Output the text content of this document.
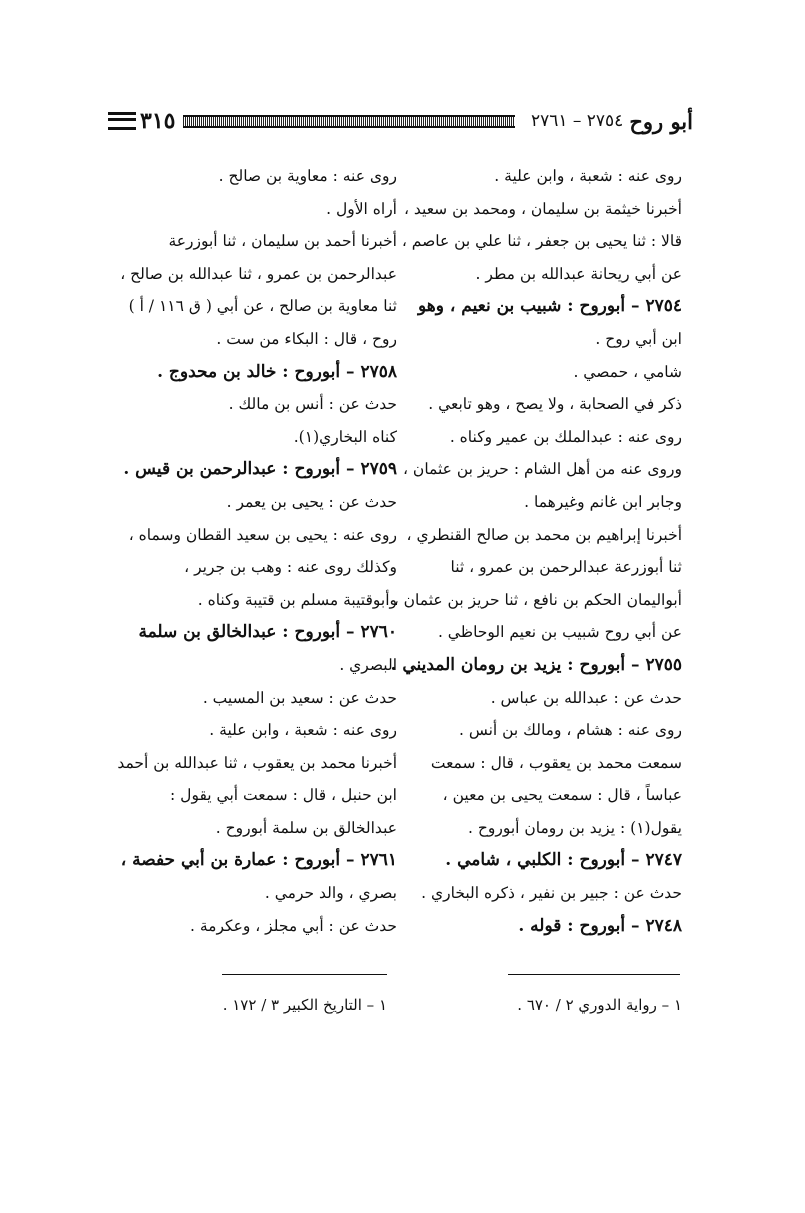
أبو روح
٢٧٥٤ – ٢٧٦١
٣١٥
روى عنه : شعبة ، وابن علية .
أخبرنا خيثمة بن سليمان ، ومحمد بن سعيد ،
قالا : ثنا يحيى بن جعفر ، ثنا علي بن عاصم ،
عن أبي ريحانة عبدالله بن مطر .
٢٧٥٤ – أبوروح : شبيب بن نعيم ، وهو
ابن أبي روح .
شامي ، حمصي .
ذكر في الصحابة ، ولا يصح ، وهو تابعي .
روى عنه : عبدالملك بن عمير وكناه .
وروى عنه من أهل الشام : حريز بن عثمان ،
وجابر ابن غانم وغيرهما .
أخبرنا إبراهيم بن محمد بن صالح القنطري ،
ثنا أبوزرعة عبدالرحمن بن عمرو ، ثنا
أبواليمان الحكم بن نافع ، ثنا حريز بن عثمان ،
عن أبي روح شبيب بن نعيم الوحاظي .
٢٧٥٥ – أبوروح : يزيد بن رومان المديني .
حدث عن : عبدالله بن عباس .
روى عنه : هشام ، ومالك بن أنس .
سمعت محمد بن يعقوب ، قال : سمعت
عباساً ، قال : سمعت يحيى بن معين ،
يقول(١) : يزيد بن رومان أبوروح .
٢٧٤٧ – أبوروح : الكلبي ، شامي .
حدث عن : جبير بن نفير ، ذكره البخاري .
٢٧٤٨ – أبوروح : قوله .
روى عنه : معاوية بن صالح .
أراه الأول .
أخبرنا أحمد بن سليمان ، ثنا أبوزرعة
عبدالرحمن بن عمرو ، ثنا عبدالله بن صالح ،
ثنا معاوية بن صالح ، عن أبي ( ق ١١٦ / أ )
روح ، قال : البكاء من ست .
٢٧٥٨ – أبوروح : خالد بن محدوج .
حدث عن : أنس بن مالك .
كناه البخاري(١).
٢٧٥٩ – أبوروح : عبدالرحمن بن قيس .
حدث عن : يحيى بن يعمر .
روى عنه : يحيى بن سعيد القطان وسماه ،
وكذلك روى عنه : وهب بن جرير ،
وأبوقتيبة مسلم بن قتيبة وكناه .
٢٧٦٠ – أبوروح : عبدالخالق بن سلمة
البصري .
حدث عن : سعيد بن المسيب .
روى عنه : شعبة ، وابن علية .
أخبرنا محمد بن يعقوب ، ثنا عبدالله بن أحمد
ابن حنبل ، قال : سمعت أبي يقول :
عبدالخالق بن سلمة أبوروح .
٢٧٦١ – أبوروح : عمارة بن أبي حفصة ،
بصري ، والد حرمي .
حدث عن : أبي مجلز ، وعكرمة .
١ – رواية الدوري ٢ / ٦٧٠ .
١ – التاريخ الكبير ٣ / ١٧٢ .
